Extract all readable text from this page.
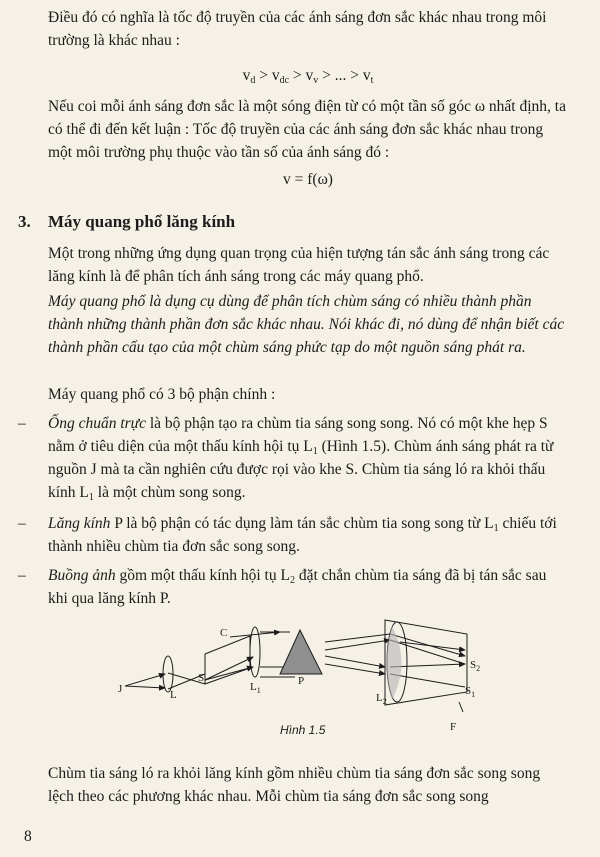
Điều đó có nghĩa là tốc độ truyền của các ánh sáng đơn sắc khác nhau trong môi trường là khác nhau :
$v_d > v_{dc} > v_v$ > ... > $v_t$
Nếu coi mỗi ánh sáng đơn sắc là một sóng điện từ có một tần số góc ω nhất định, ta có thể đi đến kết luận : Tốc độ truyền của các ánh sáng đơn sắc khác nhau trong một môi trường phụ thuộc vào tần số của ánh sáng đó :
v = f(ω)
3. Máy quang phổ lăng kính
Một trong những ứng dụng quan trọng của hiện tượng tán sắc ánh sáng trong các lăng kính là để phân tích ánh sáng trong các máy quang phổ.
Máy quang phổ là dụng cụ dùng để phân tích chùm sáng có nhiều thành phần thành những thành phần đơn sắc khác nhau. Nói khác đi, nó dùng để nhận biết các thành phần cấu tạo của một chùm sáng phức tạp do một nguồn sáng phát ra.
Máy quang phổ có 3 bộ phận chính :
– Ống chuẩn trực là bộ phận tạo ra chùm tia sáng song song. Nó có một khe hẹp S nằm ở tiêu diện của một thấu kính hội tụ $L_1$ (Hình 1.5). Chùm ánh sáng phát ra từ nguồn J mà ta cần nghiên cứu được rọi vào khe S. Chùm tia sáng ló ra khỏi thấu kính $L_1$ là một chùm song song.
– Lăng kính P là bộ phận có tác dụng làm tán sắc chùm tia song song từ $L_1$ chiếu tới thành nhiều chùm tia đơn sắc song song.
– Buồng ảnh gồm một thấu kính hội tụ $L_2$ đặt chắn chùm tia sáng đã bị tán sắc sau khi qua lăng kính P.
J	L
S
C
$L_1$
P
$L_2$
$S_2$
$S_1$
F
Hình 1.5
Chùm tia sáng ló ra khỏi lăng kính gồm nhiều chùm tia sáng đơn sắc song song lệch theo các phương khác nhau. Mỗi chùm tia sáng đơn sắc song song
8
